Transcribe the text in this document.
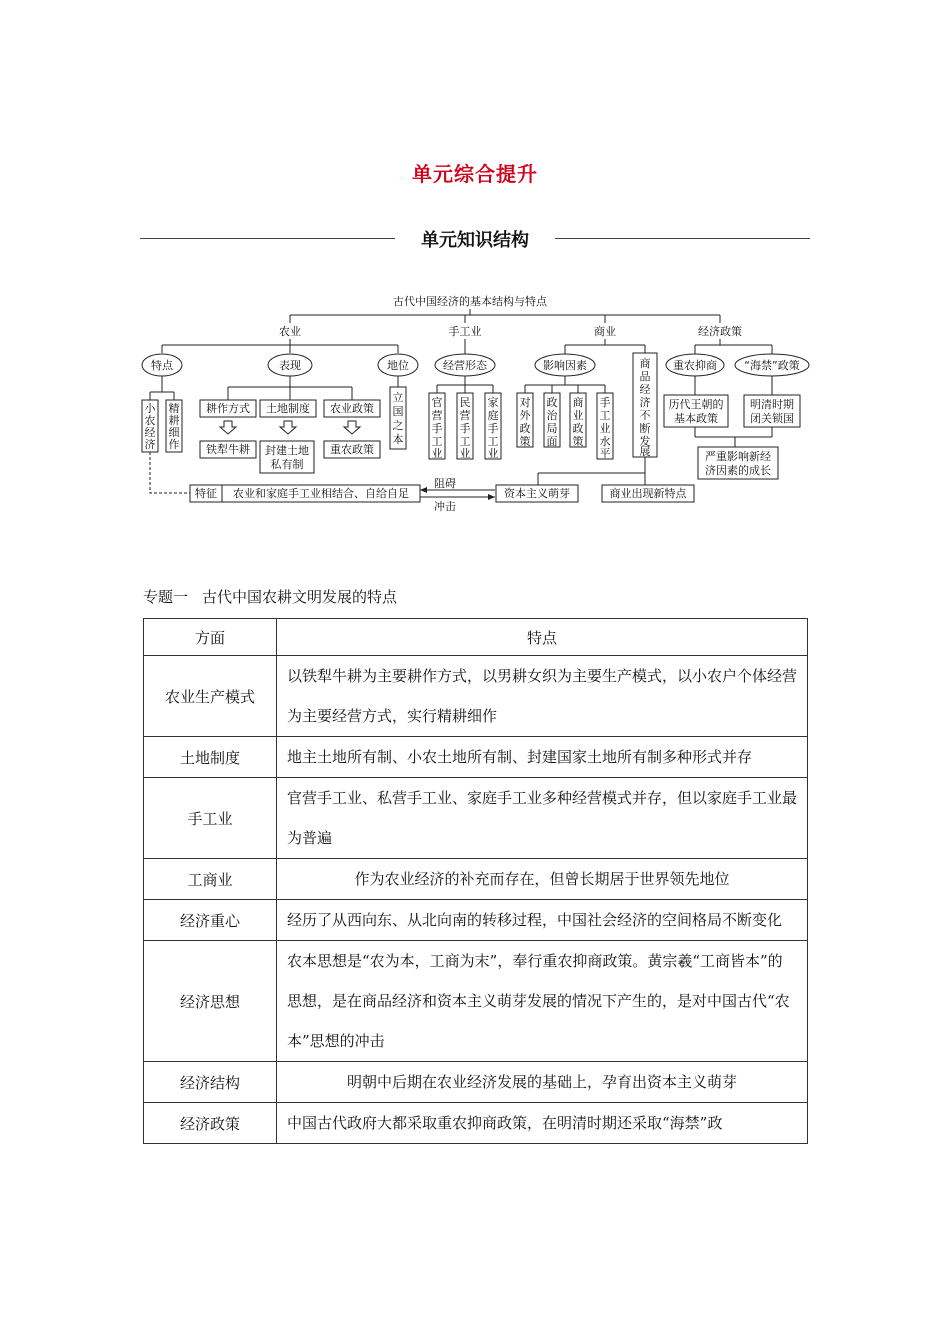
单元综合提升
单元知识结构
古代中国经济的基本结构与特点
农业	手工业	商业	经济政策
特点	表现	地位
小农经济
精耕细作
耕作方式 土地制度 农业政策
铁犁牛耕 封建土地私有制
重农政策
立国之本
经营形态
官营手工业
民营手工业
家庭手工业
影响因素
对外政策
政治局面
商业政策
手工业水平
商品经济不断发展
重农抑商 “海禁”政策
历代王朝的基本政策
明清时期闭关锁国
严重影响新经济因素的成长
特征 农业和家庭手工业相结合、自给自足
阻碍
冲击
资本主义萌芽	商业出现新特点
专题一 古代中国农耕文明发展的特点
方面	特点
农业生产模式	以铁犁牛耕为主要耕作方式，以男耕女织为主要生产模式，以小农户个体经营为主要经营方式，实行精耕细作
土地制度	地主土地所有制、小农土地所有制、封建国家土地所有制多种形式并存
手工业	官营手工业、私营手工业、家庭手工业多种经营模式并存，但以家庭手工业最为普遍
工商业	作为农业经济的补充而存在，但曾长期居于世界领先地位
经济重心	经历了从西向东、从北向南的转移过程，中国社会经济的空间格局不断变化
经济思想	农本思想是“农为本，工商为末”，奉行重农抑商政策。黄宗羲“工商皆本”的思想，是在商品经济和资本主义萌芽发展的情况下产生的，是对中国古代“农本”思想的冲击
经济结构	明朝中后期在农业经济发展的基础上，孕育出资本主义萌芽
经济政策	中国古代政府大都采取重农抑商政策，在明清时期还采取“海禁”政
